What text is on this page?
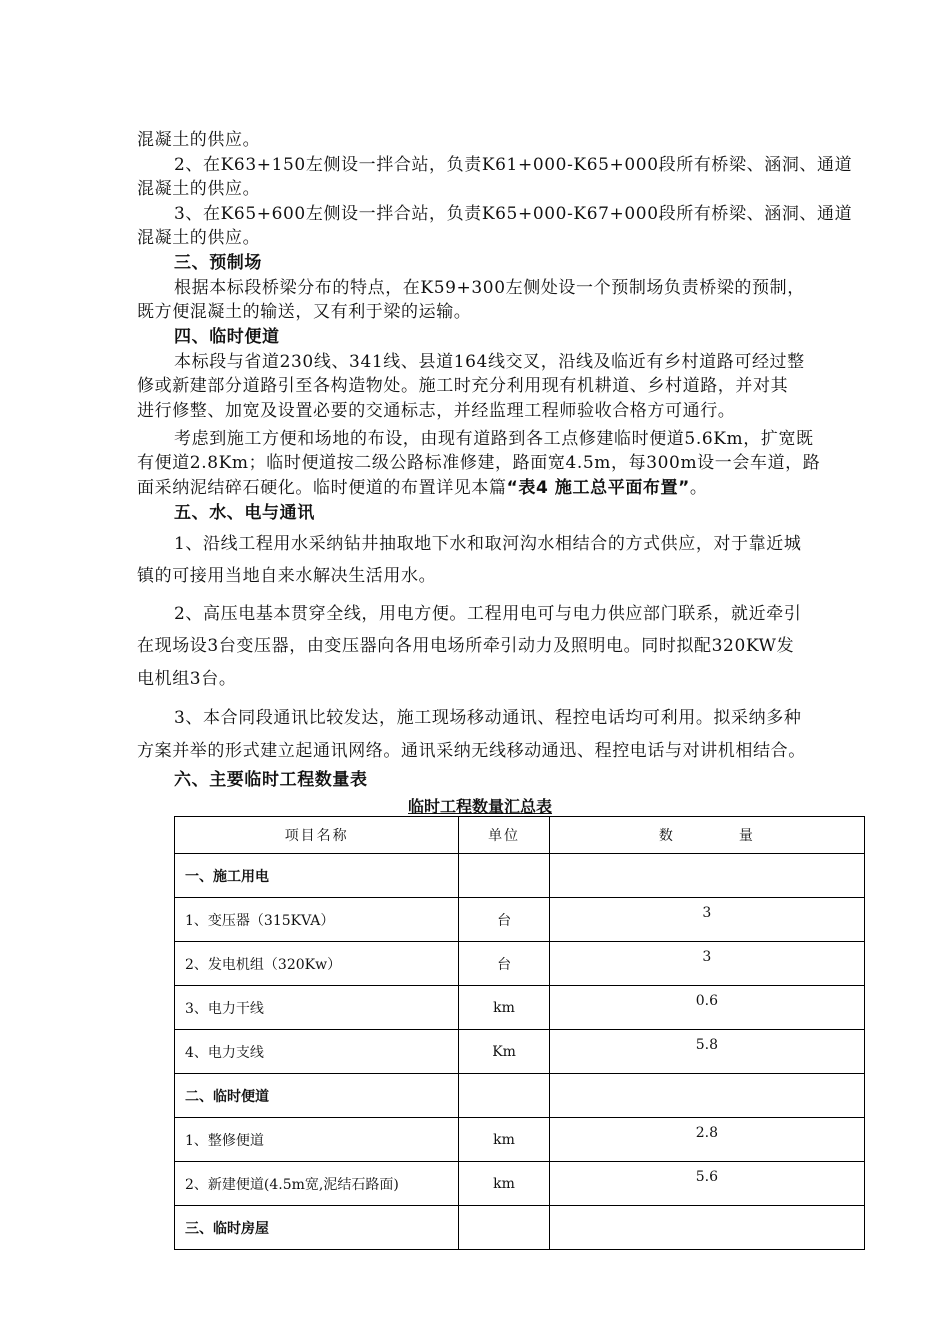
混凝土的供应。
2、在K63+150左侧设一拌合站，负责K61+000-K65+000段所有桥梁、涵洞、通道
混凝土的供应。
3、在K65+600左侧设一拌合站，负责K65+000-K67+000段所有桥梁、涵洞、通道
混凝土的供应。
三、预制场
根据本标段桥梁分布的特点，在K59+300左侧处设一个预制场负责桥梁的预制，
既方便混凝土的输送，又有利于梁的运输。
四、临时便道
本标段与省道230线、341线、县道164线交叉，沿线及临近有乡村道路可经过整
修或新建部分道路引至各构造物处。施工时充分利用现有机耕道、乡村道路，并对其
进行修整、加宽及设置必要的交通标志，并经监理工程师验收合格方可通行。
考虑到施工方便和场地的布设，由现有道路到各工点修建临时便道5.6Km，扩宽既
有便道2.8Km；临时便道按二级公路标准修建，路面宽4.5m，每300m设一会车道，路
面采纳泥结碎石硬化。临时便道的布置详见本篇“表4 施工总平面布置”。
五、水、电与通讯
1、沿线工程用水采纳钻井抽取地下水和取河沟水相结合的方式供应，对于靠近城
镇的可接用当地自来水解决生活用水。
2、高压电基本贯穿全线，用电方便。工程用电可与电力供应部门联系，就近牵引
在现场设3台变压器，由变压器向各用电场所牵引动力及照明电。同时拟配320KW发
电机组3台。
3、本合同段通讯比较发达，施工现场移动通讯、程控电话均可利用。拟采纳多种
方案并举的形式建立起通讯网络。通讯采纳无线移动通迅、程控电话与对讲机相结合。
六、主要临时工程数量表
临时工程数量汇总表
项目名称	单位	数　　　　量
一、施工用电		
1、变压器（315KVA）	台	3
2、发电机组（320Kw）	台	3
3、电力干线	km	0.6
4、电力支线	Km	5.8
二、临时便道		
1、整修便道	km	2.8
2、新建便道(4.5m宽,泥结石路面)	km	5.6
三、临时房屋		
